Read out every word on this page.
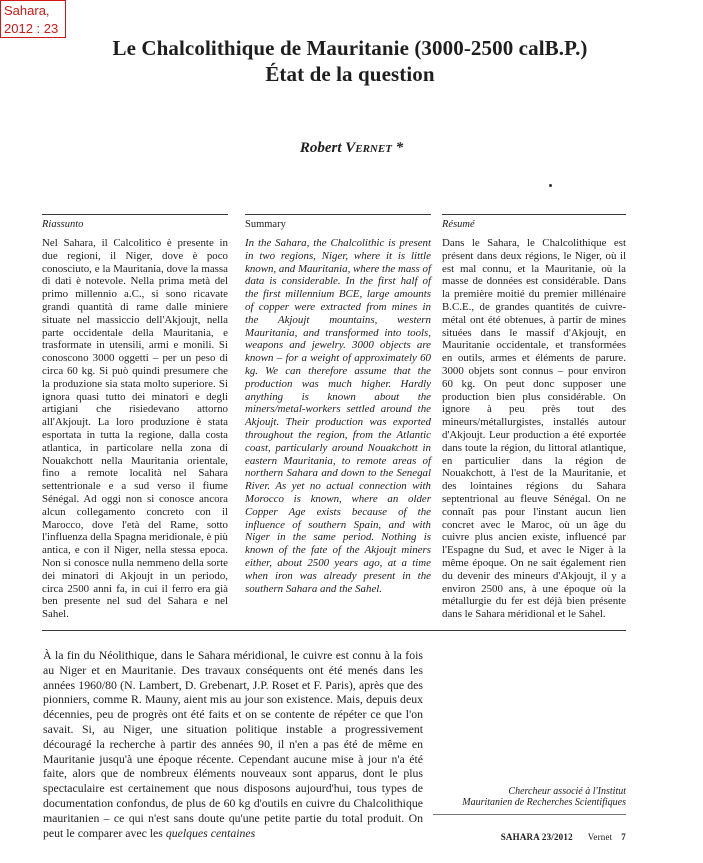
Sahara,
2012 : 23
Le Chalcolithique de Mauritanie (3000-2500 calB.P.)
État de la question
Robert Vernet *
Riassunto

Nel Sahara, il Calcolitico è presente in due regioni, il Niger, dove è poco conosciuto, e la Mauritania, dove la massa di dati è notevole. Nella prima metà del primo millennio a.C., si sono ricavate grandi quantità di rame dalle miniere situate nel massiccio dell'Akjoujt, nella parte occidentale della Mauritania, e trasformate in utensili, armi e monili. Si conoscono 3000 oggetti – per un peso di circa 60 kg. Si può quindi presumere che la produzione sia stata molto superiore. Si ignora quasi tutto dei minatori e degli artigiani che risiedevano attorno all'Akjoujt. La loro produzione è stata esportata in tutta la regione, dalla costa atlantica, in particolare nella zona di Nouakchott nella Mauritania orientale, fino a remote località nel Sahara settentrionale e a sud verso il fiume Sénégal. Ad oggi non si conosce ancora alcun collegamento concreto con il Marocco, dove l'età del Rame, sotto l'influenza della Spagna meridionale, è più antica, e con il Niger, nella stessa epoca. Non si conosce nulla nemmeno della sorte dei minatori di Akjoujt in un periodo, circa 2500 anni fa, in cui il ferro era già ben presente nel sud del Sahara e nel Sahel.

Summary

In the Sahara, the Chalcolithic is present in two regions, Niger, where it is little known, and Mauritania, where the mass of data is considerable. In the first half of the first millennium BCE, large amounts of copper were extracted from mines in the Akjoujt mountains, western Mauritania, and transformed into tools, weapons and jewelry. 3000 objects are known – for a weight of approximately 60 kg. We can therefore assume that the production was much higher. Hardly anything is known about the miners/metal-workers settled around the Akjoujt. Their production was exported throughout the region, from the Atlantic coast, particularly around Nouakchott in eastern Mauritania, to remote areas of northern Sahara and down to the Senegal River. As yet no actual connection with Morocco is known, where an older Copper Age exists because of the influence of southern Spain, and with Niger in the same period. Nothing is known of the fate of the Akjoujt miners either, about 2500 years ago, at a time when iron was already present in the southern Sahara and the Sahel.

Résumé

Dans le Sahara, le Chalcolithique est présent dans deux régions, le Niger, où il est mal connu, et la Mauritanie, où la masse de données est considérable. Dans la première moitié du premier millénaire B.C.E., de grandes quantités de cuivre-métal ont été obtenues, à partir de mines situées dans le massif d'Akjoujt, en Mauritanie occidentale, et transformées en outils, armes et éléments de parure. 3000 objets sont connus – pour environ 60 kg. On peut donc supposer une production bien plus considérable. On ignore à peu près tout des mineurs/métallurgistes, installés autour d'Akjoujt. Leur production a été exportée dans toute la région, du littoral atlantique, en particulier dans la région de Nouakchott, à l'est de la Mauritanie, et des lointaines régions du Sahara septentrional au fleuve Sénégal. On ne connaît pas pour l'instant aucun lien concret avec le Maroc, où un âge du cuivre plus ancien existe, influencé par l'Espagne du Sud, et avec le Niger à la même époque. On ne sait également rien du devenir des mineurs d'Akjoujt, il y a environ 2500 ans, à une époque où la métallurgie du fer est déjà bien présente dans le Sahara méridional et le Sahel.

À la fin du Néolithique, dans le Sahara méridional, le cuivre est connu à la fois au Niger et en Mauritanie. Des travaux conséquents ont été menés dans les années 1960/80 (N. Lambert, D. Grebenart, J.P. Roset et F. Paris), après que des pionniers, comme R. Mauny, aient mis au jour son existence. Mais, depuis deux décennies, peu de progrès ont été faits et on se contente de répéter ce que l'on savait. Si, au Niger, une situation politique instable a progressivement découragé la recherche à partir des années 90, il n'en a pas été de même en Mauritanie jusqu'à une époque récente. Cependant aucune mise à jour n'a été faite, alors que de nombreux éléments nouveaux sont apparus, dont le plus spectaculaire est certainement que nous disposons aujourd'hui, tous types de documentation confondus, de plus de 60 kg d'outils en cuivre du Chalcolithique mauritanien – ce qui n'est sans doute qu'une petite partie du total produit. On peut le comparer avec les quelques centaines

Chercheur associé à l'Institut
Mauritanien de Recherches Scientifiques
SAHARA 23/2012 Vernet 7
